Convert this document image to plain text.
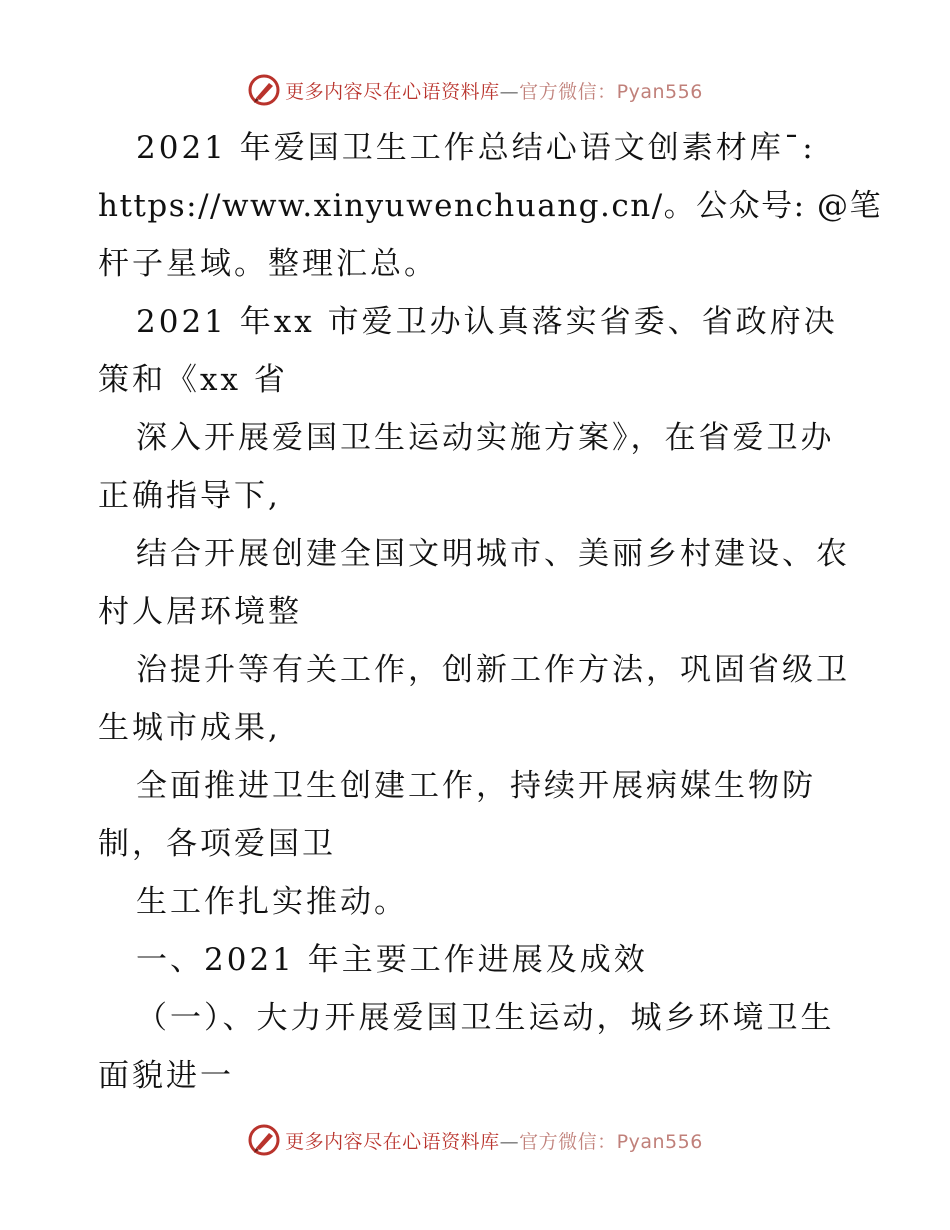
更多内容尽在心语资料库—官方微信：Pyan556
2021 年爱国卫生工作总结心语文创素材库¯:
https://www.xinyuwenchuang.cn/。公众号: @笔
杆子星域。整理汇总。
2021 年xx 市爱卫办认真落实省委、省政府决
策和《xx 省
深入开展爱国卫生运动实施方案》，在省爱卫办
正确指导下,
结合开展创建全国文明城市、美丽乡村建设、农
村人居环境整
治提升等有关工作，创新工作方法，巩固省级卫
生城市成果,
全面推进卫生创建工作，持续开展病媒生物防
制，各项爱国卫
生工作扎实推动。
一、2021 年主要工作进展及成效
（一）、大力开展爱国卫生运动，城乡环境卫生
面貌进一
更多内容尽在心语资料库—官方微信：Pyan556
